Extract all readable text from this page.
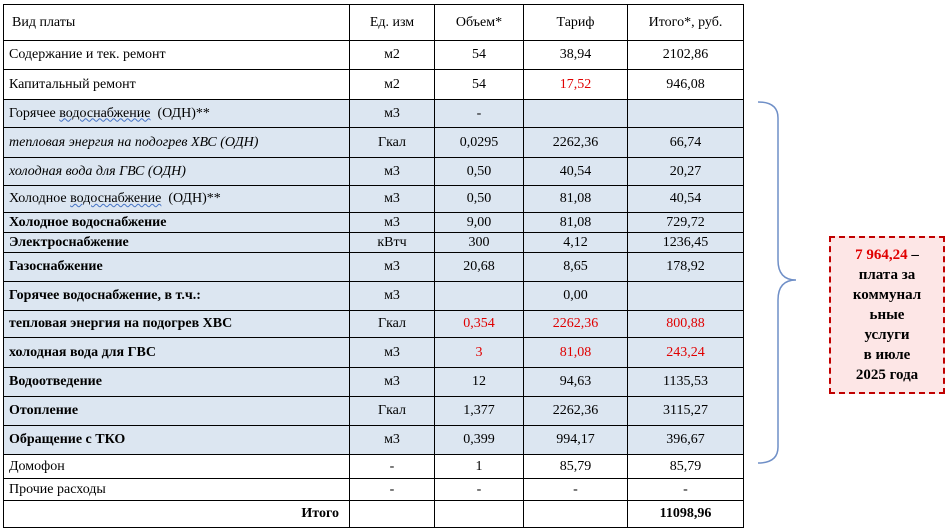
Вид платы	Ед. изм	Объем*	Тариф	Итого*, руб.
Содержание и тек. ремонт	м2	54	38,94	2102,86
Капитальный ремонт	м2	54	17,52	946,08
Горячее водоснабжение  (ОДН)**	м3	-		
тепловая энергия на подогрев ХВС (ОДН)	Гкал	0,0295	2262,36	66,74
холодная вода для ГВС (ОДН)	м3	0,50	40,54	20,27
Холодное водоснабжение  (ОДН)**	м3	0,50	81,08	40,54
Холодное водоснабжение	м3	9,00	81,08	729,72
Электроснабжение	кВтч	300	4,12	1236,45
Газоснабжение	м3	20,68	8,65	178,92
Горячее водоснабжение, в т.ч.:	м3		0,00	
тепловая энергия на подогрев ХВС	Гкал	0,354	2262,36	800,88
холодная вода для ГВС	м3	3	81,08	243,24
Водоотведение	м3	12	94,63	1135,53
Отопление	Гкал	1,377	2262,36	3115,27
Обращение с ТКО	м3	0,399	994,17	396,67
Домофон	-	1	85,79	85,79
Прочие расходы	-	-	-	-
Итого				11098,96
7 964,24 –
плата за
коммунал
ьные
услуги
в июле
2025 года
